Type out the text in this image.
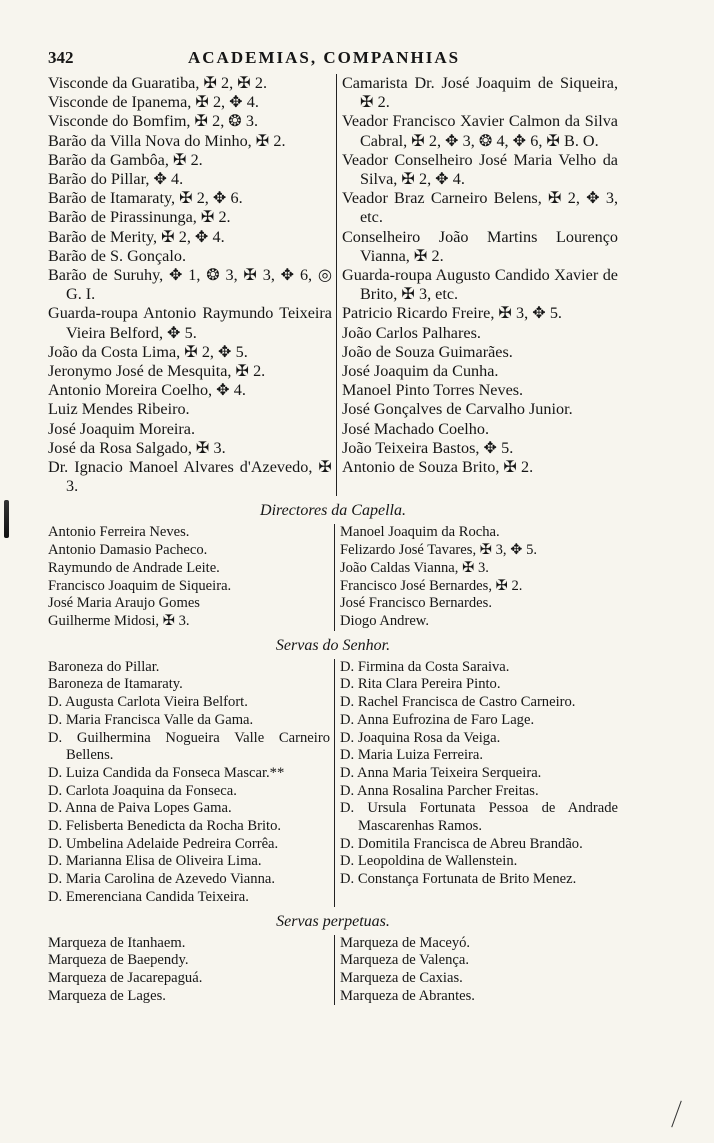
342	ACADEMIAS, COMPANHIAS
Visconde da Guaratiba, ✠ 2, ✠ 2.
Visconde de Ipanema, ✠ 2, ✥ 4.
Visconde do Bomfim, ✠ 2, ❂ 3.
Barão da Villa Nova do Minho, ✠ 2.
Barão da Gambôa, ✠ 2.
Barão do Pillar, ✥ 4.
Barão de Itamaraty, ✠ 2, ✥ 6.
Barão de Pirassinunga, ✠ 2.
Barão de Merity, ✠ 2, ✥ 4.
Barão de S. Gonçalo.
Barão de Suruhy, ✥ 1, ❂ 3, ✠ 3, ✥ 6, ◎ G. I.
Guarda-roupa Antonio Raymundo Teixeira Vieira Belford, ✥ 5.
João da Costa Lima, ✠ 2, ✥ 5.
Jeronymo José de Mesquita, ✠ 2.
Antonio Moreira Coelho, ✥ 4.
Luiz Mendes Ribeiro.
José Joaquim Moreira.
José da Rosa Salgado, ✠ 3.
Dr. Ignacio Manoel Alvares d'Azevedo, ✠ 3.
Camarista Dr. José Joaquim de Siqueira, ✠ 2.
Veador Francisco Xavier Calmon da Silva Cabral, ✠ 2, ✥ 3, ❂ 4, ✥ 6, ✠ B. O.
Veador Conselheiro José Maria Velho da Silva, ✠ 2, ✥ 4.
Veador Braz Carneiro Belens, ✠ 2, ✥ 3, etc.
Conselheiro João Martins Lourenço Vianna, ✠ 2.
Guarda-roupa Augusto Candido Xavier de Brito, ✠ 3, etc.
Patricio Ricardo Freire, ✠ 3, ✥ 5.
João Carlos Palhares.
João de Souza Guimarães.
José Joaquim da Cunha.
Manoel Pinto Torres Neves.
José Gonçalves de Carvalho Junior.
José Machado Coelho.
João Teixeira Bastos, ✥ 5.
Antonio de Souza Brito, ✠ 2.
Directores da Capella.
Antonio Ferreira Neves.
Antonio Damasio Pacheco.
Raymundo de Andrade Leite.
Francisco Joaquim de Siqueira.
José Maria Araujo Gomes
Guilherme Midosi, ✠ 3.
Manoel Joaquim da Rocha.
Felizardo José Tavares, ✠ 3, ✥ 5.
João Caldas Vianna, ✠ 3.
Francisco José Bernardes, ✠ 2.
José Francisco Bernardes.
Diogo Andrew.
Servas do Senhor.
Baroneza do Pillar.
Baroneza de Itamaraty.
D. Augusta Carlota Vieira Belfort.
D. Maria Francisca Valle da Gama.
D. Guilhermina Nogueira Valle Carneiro Bellens.
D. Luiza Candida da Fonseca Mascar.**
D. Carlota Joaquina da Fonseca.
D. Anna de Paiva Lopes Gama.
D. Felisberta Benedicta da Rocha Brito.
D. Umbelina Adelaide Pedreira Corrêa.
D. Marianna Elisa de Oliveira Lima.
D. Maria Carolina de Azevedo Vianna.
D. Emerenciana Candida Teixeira.
D. Firmina da Costa Saraiva.
D. Rita Clara Pereira Pinto.
D. Rachel Francisca de Castro Carneiro.
D. Anna Eufrozina de Faro Lage.
D. Joaquina Rosa da Veiga.
D. Maria Luiza Ferreira.
D. Anna Maria Teixeira Serqueira.
D. Anna Rosalina Parcher Freitas.
D. Ursula Fortunata Pessoa de Andrade Mascarenhas Ramos.
D. Domitila Francisca de Abreu Brandão.
D. Leopoldina de Wallenstein.
D. Constança Fortunata de Brito Menez.
Servas perpetuas.
Marqueza de Itanhaem.
Marqueza de Baependy.
Marqueza de Jacarepaguá.
Marqueza de Lages.
Marqueza de Maceyó.
Marqueza de Valença.
Marqueza de Caxias.
Marqueza de Abrantes.
